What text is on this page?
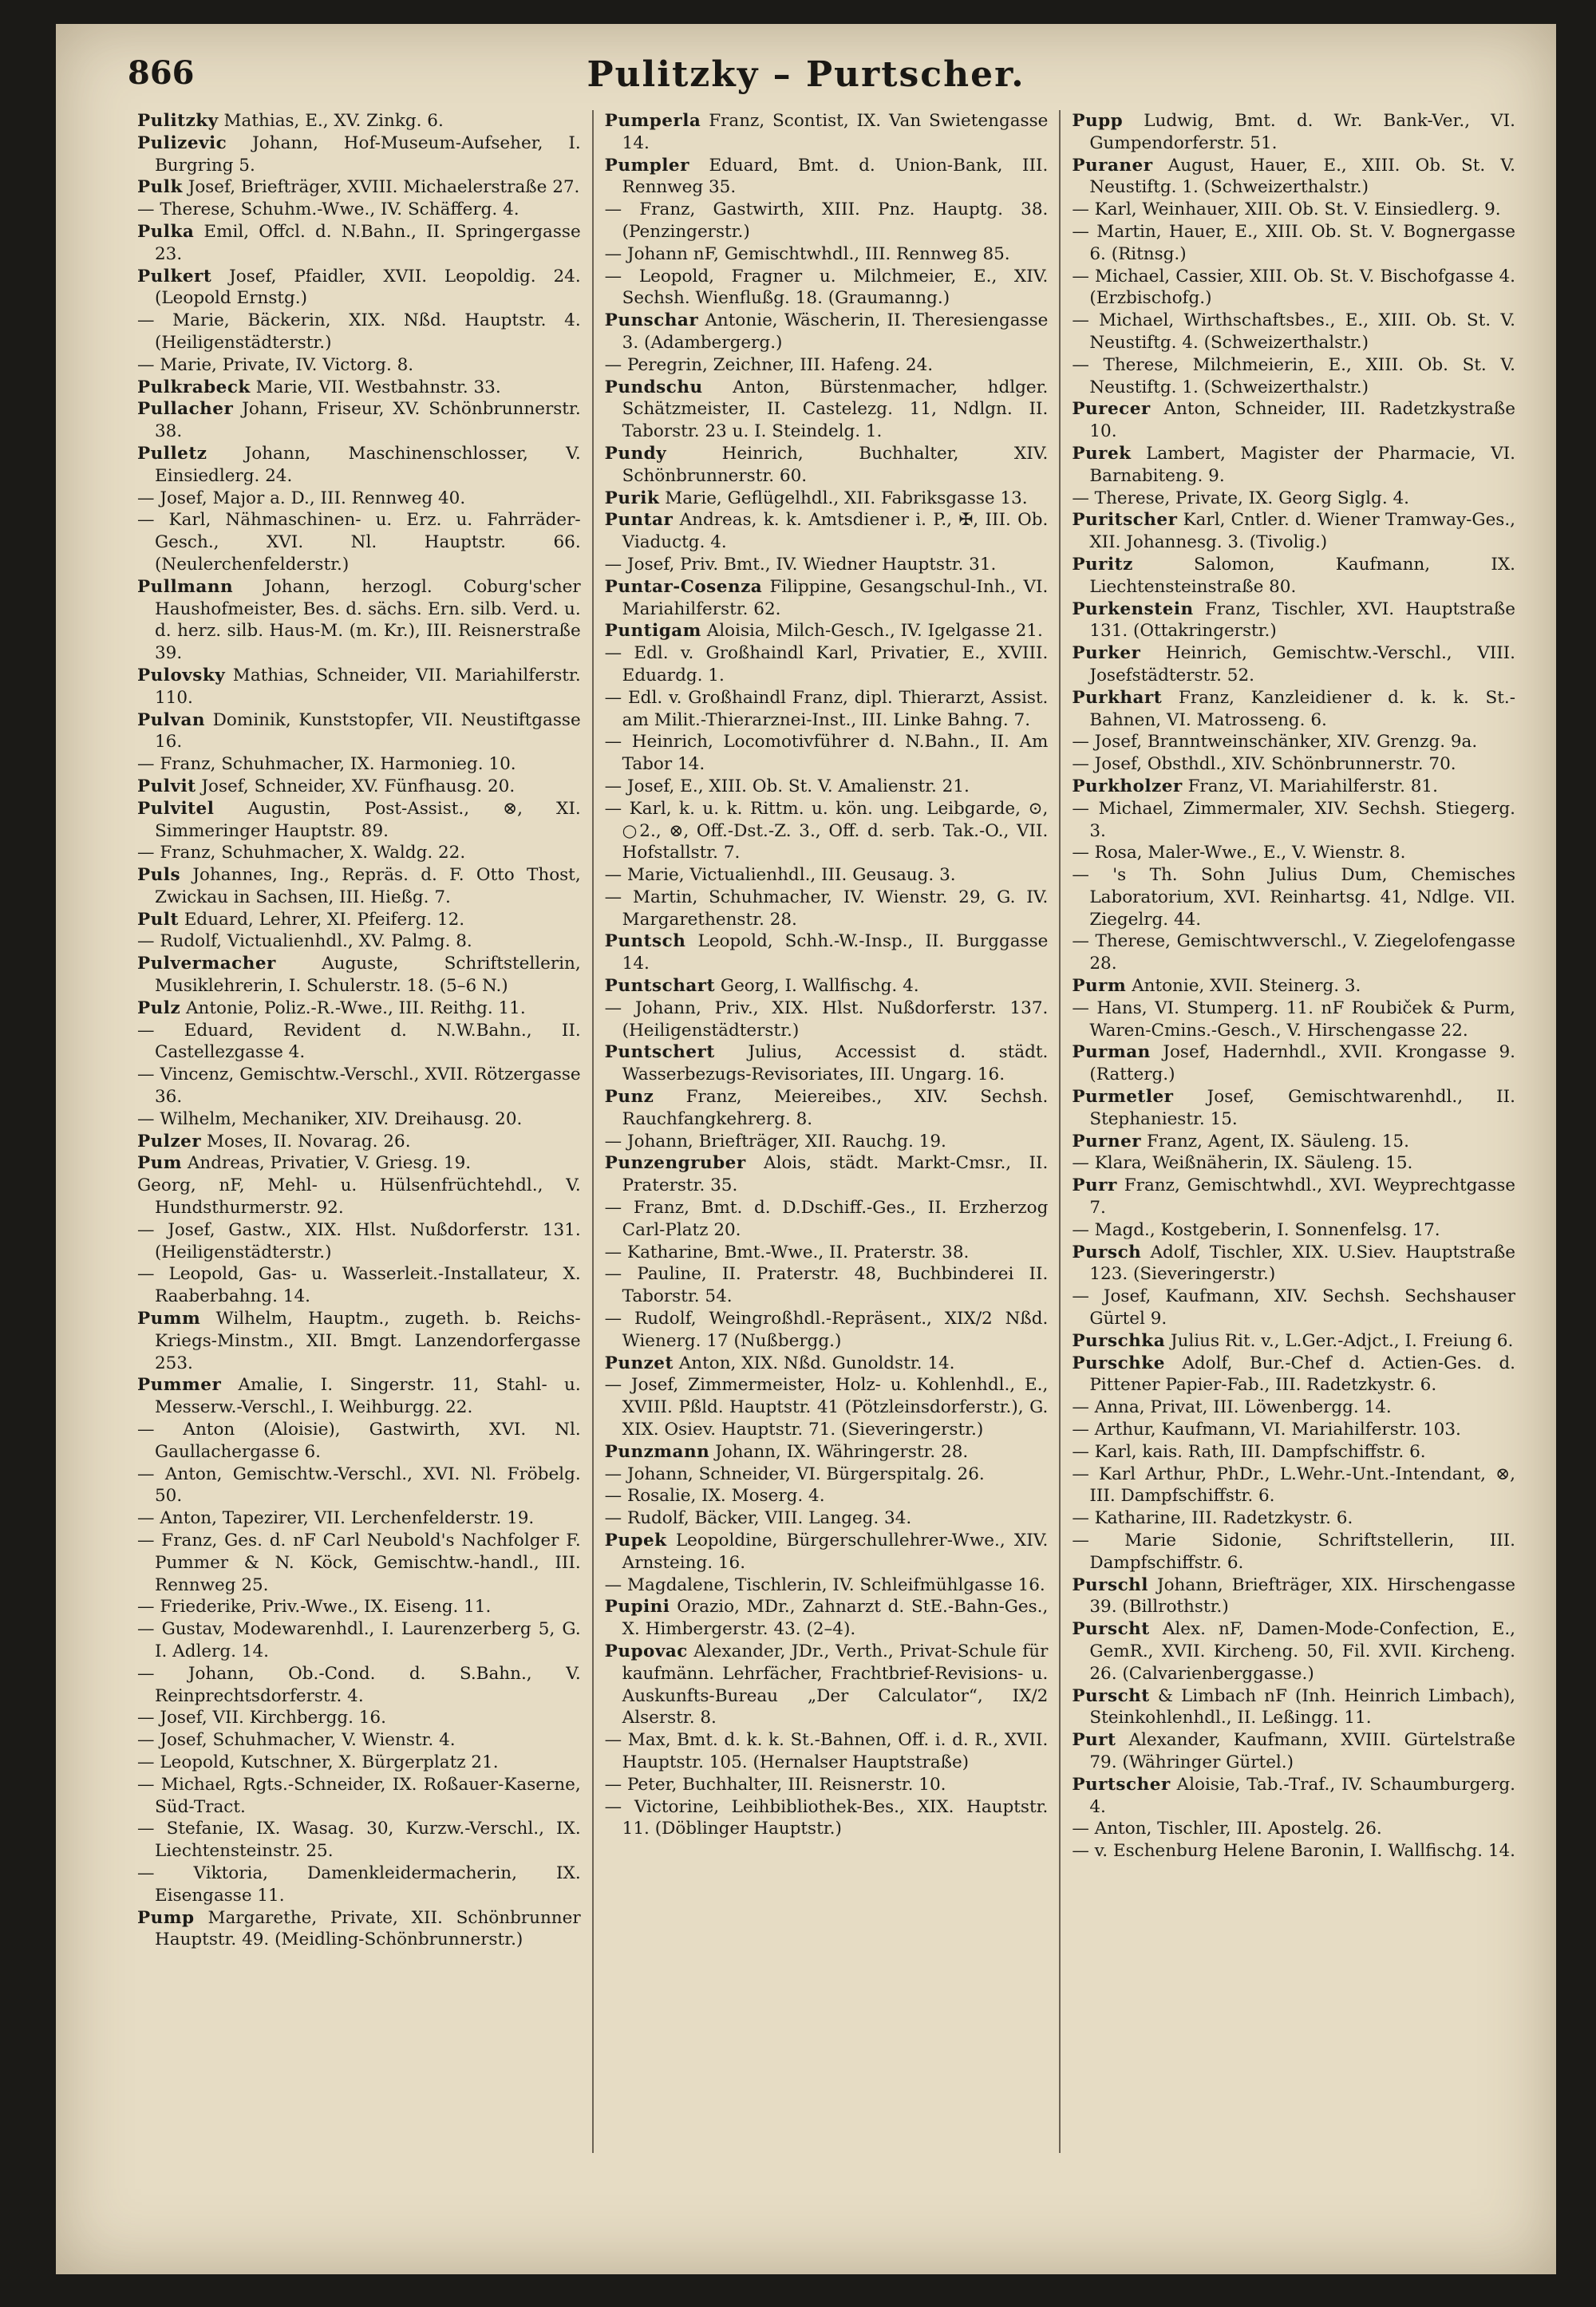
866	Pulitzky – Purtscher.

Pulitzky Mathias, E., XV. Zinkg. 6.

Pulizevic Johann, Hof-Museum-Aufseher, I. Burgring 5.

Pulk Josef, Briefträger, XVIII. Michaelerstraße 27.

— Therese, Schuhm.-Wwe., IV. Schäfferg. 4.

Pulka Emil, Offcl. d. N.Bahn., II. Springergasse 23.

Pulkert Josef, Pfaidler, XVII. Leopoldig. 24. (Leopold Ernstg.)

— Marie, Bäckerin, XIX. Nßd. Hauptstr. 4. (Heiligenstädterstr.)

— Marie, Private, IV. Victorg. 8.

Pulkrabeck Marie, VII. Westbahnstr. 33.

Pullacher Johann, Friseur, XV. Schönbrunnerstr. 38.

Pulletz Johann, Maschinenschlosser, V. Einsiedlerg. 24.

— Josef, Major a. D., III. Rennweg 40.

— Karl, Nähmaschinen- u. Erz. u. Fahrräder-Gesch., XVI. Nl. Hauptstr. 66. (Neulerchenfelderstr.)

Pullmann Johann, herzogl. Coburg'scher Haushofmeister, Bes. d. sächs. Ern. silb. Verd. u. d. herz. silb. Haus-M. (m. Kr.), III. Reisnerstraße 39.

Pulovsky Mathias, Schneider, VII. Mariahilferstr. 110.

Pulvan Dominik, Kunststopfer, VII. Neustiftgasse 16.

— Franz, Schuhmacher, IX. Harmonieg. 10.

Pulvit Josef, Schneider, XV. Fünfhausg. 20.

Pulvitel Augustin, Post-Assist., ⊗, XI. Simmeringer Hauptstr. 89.

— Franz, Schuhmacher, X. Waldg. 22.

Puls Johannes, Ing., Repräs. d. F. Otto Thost, Zwickau in Sachsen, III. Hießg. 7.

Pult Eduard, Lehrer, XI. Pfeiferg. 12.

— Rudolf, Victualienhdl., XV. Palmg. 8.

Pulvermacher Auguste, Schriftstellerin, Musiklehrerin, I. Schulerstr. 18. (5–6 N.)

Pulz Antonie, Poliz.-R.-Wwe., III. Reithg. 11.

— Eduard, Revident d. N.W.Bahn., II. Castellezgasse 4.

— Vincenz, Gemischtw.-Verschl., XVII. Rötzergasse 36.

— Wilhelm, Mechaniker, XIV. Dreihausg. 20.

Pulzer Moses, II. Novarag. 26.

Pum Andreas, Privatier, V. Griesg. 19.

Georg, nF, Mehl- u. Hülsenfrüchtehdl., V. Hundsthurmerstr. 92.

— Josef, Gastw., XIX. Hlst. Nußdorferstr. 131. (Heiligenstädterstr.)

— Leopold, Gas- u. Wasserleit.-Installateur, X. Raaberbahng. 14.

Pumm Wilhelm, Hauptm., zugeth. b. Reichs-Kriegs-Minstm., XII. Bmgt. Lanzendorfergasse 253.

Pummer Amalie, I. Singerstr. 11, Stahl- u. Messerw.-Verschl., I. Weihburgg. 22.

— Anton (Aloisie), Gastwirth, XVI. Nl. Gaullachergasse 6.

— Anton, Gemischtw.-Verschl., XVI. Nl. Fröbelg. 50.

— Anton, Tapezirer, VII. Lerchenfelderstr. 19.

— Franz, Ges. d. nF Carl Neubold's Nachfolger F. Pummer & N. Köck, Gemischtw.-handl., III. Rennweg 25.

— Friederike, Priv.-Wwe., IX. Eiseng. 11.

— Gustav, Modewarenhdl., I. Laurenzerberg 5, G. I. Adlerg. 14.

— Johann, Ob.-Cond. d. S.Bahn., V. Reinprechtsdorferstr. 4.

— Josef, VII. Kirchbergg. 16.

— Josef, Schuhmacher, V. Wienstr. 4.

— Leopold, Kutschner, X. Bürgerplatz 21.

— Michael, Rgts.-Schneider, IX. Roßauer-Kaserne, Süd-Tract.

— Stefanie, IX. Wasag. 30, Kurzw.-Verschl., IX. Liechtensteinstr. 25.

— Viktoria, Damenkleidermacherin, IX. Eisengasse 11.

Pump Margarethe, Private, XII. Schönbrunner Hauptstr. 49. (Meidling-Schönbrunnerstr.)

Pumperla Franz, Scontist, IX. Van Swietengasse 14.

Pumpler Eduard, Bmt. d. Union-Bank, III. Rennweg 35.

— Franz, Gastwirth, XIII. Pnz. Hauptg. 38. (Penzingerstr.)

— Johann nF, Gemischtwhdl., III. Rennweg 85.

— Leopold, Fragner u. Milchmeier, E., XIV. Sechsh. Wienflußg. 18. (Graumanng.)

Punschar Antonie, Wäscherin, II. Theresiengasse 3. (Adambergerg.)

— Peregrin, Zeichner, III. Hafeng. 24.

Pundschu Anton, Bürstenmacher, hdlger. Schätzmeister, II. Castelezg. 11, Ndlgn. II. Taborstr. 23 u. I. Steindelg. 1.

Pundy Heinrich, Buchhalter, XIV. Schönbrunnerstr. 60.

Purik Marie, Geflügelhdl., XII. Fabriksgasse 13.

Puntar Andreas, k. k. Amtsdiener i. P., ✠, III. Ob. Viaductg. 4.

— Josef, Priv. Bmt., IV. Wiedner Hauptstr. 31.

Puntar-Cosenza Filippine, Gesangschul-Inh., VI. Mariahilferstr. 62.

Puntigam Aloisia, Milch-Gesch., IV. Igelgasse 21.

— Edl. v. Großhaindl Karl, Privatier, E., XVIII. Eduardg. 1.

— Edl. v. Großhaindl Franz, dipl. Thierarzt, Assist. am Milit.-Thierarznei-Inst., III. Linke Bahng. 7.

— Heinrich, Locomotivführer d. N.Bahn., II. Am Tabor 14.

— Josef, E., XIII. Ob. St. V. Amalienstr. 21.

— Karl, k. u. k. Rittm. u. kön. ung. Leibgarde, ⊙, ○2., ⊗, Off.-Dst.-Z. 3., Off. d. serb. Tak.-O., VII. Hofstallstr. 7.

— Marie, Victualienhdl., III. Geusaug. 3.

— Martin, Schuhmacher, IV. Wienstr. 29, G. IV. Margarethenstr. 28.

Puntsch Leopold, Schh.-W.-Insp., II. Burggasse 14.

Puntschart Georg, I. Wallfischg. 4.

— Johann, Priv., XIX. Hlst. Nußdorferstr. 137. (Heiligenstädterstr.)

Puntschert Julius, Accessist d. städt. Wasserbezugs-Revisoriates, III. Ungarg. 16.

Punz Franz, Meiereibes., XIV. Sechsh. Rauchfangkehrerg. 8.

— Johann, Briefträger, XII. Rauchg. 19.

Punzengruber Alois, städt. Markt-Cmsr., II. Praterstr. 35.

— Franz, Bmt. d. D.Dschiff.-Ges., II. Erzherzog Carl-Platz 20.

— Katharine, Bmt.-Wwe., II. Praterstr. 38.

— Pauline, II. Praterstr. 48, Buchbinderei II. Taborstr. 54.

— Rudolf, Weingroßhdl.-Repräsent., XIX/2 Nßd. Wienerg. 17 (Nußbergg.)

Punzet Anton, XIX. Nßd. Gunoldstr. 14.

— Josef, Zimmermeister, Holz- u. Kohlenhdl., E., XVIII. Pßld. Hauptstr. 41 (Pötzleinsdorferstr.), G. XIX. Osiev. Hauptstr. 71. (Sieveringerstr.)

Punzmann Johann, IX. Währingerstr. 28.

— Johann, Schneider, VI. Bürgerspitalg. 26.

— Rosalie, IX. Moserg. 4.

— Rudolf, Bäcker, VIII. Langeg. 34.

Pupek Leopoldine, Bürgerschullehrer-Wwe., XIV. Arnsteing. 16.

— Magdalene, Tischlerin, IV. Schleifmühlgasse 16.

Pupini Orazio, MDr., Zahnarzt d. StE.-Bahn-Ges., X. Himbergerstr. 43. (2–4).

Pupovac Alexander, JDr., Verth., Privat-Schule für kaufmänn. Lehrfächer, Frachtbrief-Revisions- u. Auskunfts-Bureau „Der Calculator“, IX/2 Alserstr. 8.

— Max, Bmt. d. k. k. St.-Bahnen, Off. i. d. R., XVII. Hauptstr. 105. (Hernalser Hauptstraße)

— Peter, Buchhalter, III. Reisnerstr. 10.

— Victorine, Leihbibliothek-Bes., XIX. Hauptstr. 11. (Döblinger Hauptstr.)

Pupp Ludwig, Bmt. d. Wr. Bank-Ver., VI. Gumpendorferstr. 51.

Puraner August, Hauer, E., XIII. Ob. St. V. Neustiftg. 1. (Schweizerthalstr.)

— Karl, Weinhauer, XIII. Ob. St. V. Einsiedlerg. 9.

— Martin, Hauer, E., XIII. Ob. St. V. Bognergasse 6. (Ritnsg.)

— Michael, Cassier, XIII. Ob. St. V. Bischofgasse 4. (Erzbischofg.)

— Michael, Wirthschaftsbes., E., XIII. Ob. St. V. Neustiftg. 4. (Schweizerthalstr.)

— Therese, Milchmeierin, E., XIII. Ob. St. V. Neustiftg. 1. (Schweizerthalstr.)

Purecer Anton, Schneider, III. Radetzkystraße 10.

Purek Lambert, Magister der Pharmacie, VI. Barnabiteng. 9.

— Therese, Private, IX. Georg Siglg. 4.

Puritscher Karl, Cntler. d. Wiener Tramway-Ges., XII. Johannesg. 3. (Tivolig.)

Puritz Salomon, Kaufmann, IX. Liechtensteinstraße 80.

Purkenstein Franz, Tischler, XVI. Hauptstraße 131. (Ottakringerstr.)

Purker Heinrich, Gemischtw.-Verschl., VIII. Josefstädterstr. 52.

Purkhart Franz, Kanzleidiener d. k. k. St.-Bahnen, VI. Matrosseng. 6.

— Josef, Branntweinschänker, XIV. Grenzg. 9a.

— Josef, Obsthdl., XIV. Schönbrunnerstr. 70.

Purkholzer Franz, VI. Mariahilferstr. 81.

— Michael, Zimmermaler, XIV. Sechsh. Stiegerg. 3.

— Rosa, Maler-Wwe., E., V. Wienstr. 8.

— 's Th. Sohn Julius Dum, Chemisches Laboratorium, XVI. Reinhartsg. 41, Ndlge. VII. Ziegelrg. 44.

— Therese, Gemischtwverschl., V. Ziegelofengasse 28.

Purm Antonie, XVII. Steinerg. 3.

— Hans, VI. Stumperg. 11. nF Roubiček & Purm, Waren-Cmins.-Gesch., V. Hirschengasse 22.

Purman Josef, Hadernhdl., XVII. Krongasse 9. (Ratterg.)

Purmetler Josef, Gemischtwarenhdl., II. Stephaniestr. 15.

Purner Franz, Agent, IX. Säuleng. 15.

— Klara, Weißnäherin, IX. Säuleng. 15.

Purr Franz, Gemischtwhdl., XVI. Weyprechtgasse 7.

— Magd., Kostgeberin, I. Sonnenfelsg. 17.

Pursch Adolf, Tischler, XIX. U.Siev. Hauptstraße 123. (Sieveringerstr.)

— Josef, Kaufmann, XIV. Sechsh. Sechshauser Gürtel 9.

Purschka Julius Rit. v., L.Ger.-Adjct., I. Freiung 6.

Purschke Adolf, Bur.-Chef d. Actien-Ges. d. Pittener Papier-Fab., III. Radetzkystr. 6.

— Anna, Privat, III. Löwenbergg. 14.

— Arthur, Kaufmann, VI. Mariahilferstr. 103.

— Karl, kais. Rath, III. Dampfschiffstr. 6.

— Karl Arthur, PhDr., L.Wehr.-Unt.-Intendant, ⊗, III. Dampfschiffstr. 6.

— Katharine, III. Radetzkystr. 6.

— Marie Sidonie, Schriftstellerin, III. Dampfschiffstr. 6.

Purschl Johann, Briefträger, XIX. Hirschengasse 39. (Billrothstr.)

Purscht Alex. nF, Damen-Mode-Confection, E., GemR., XVII. Kircheng. 50, Fil. XVII. Kircheng. 26. (Calvarienberggasse.)

Purscht & Limbach nF (Inh. Heinrich Limbach), Steinkohlenhdl., II. Leßingg. 11.

Purt Alexander, Kaufmann, XVIII. Gürtelstraße 79. (Währinger Gürtel.)

Purtscher Aloisie, Tab.-Traf., IV. Schaumburgerg. 4.

— Anton, Tischler, III. Apostelg. 26.

— v. Eschenburg Helene Baronin, I. Wallfischg. 14.
